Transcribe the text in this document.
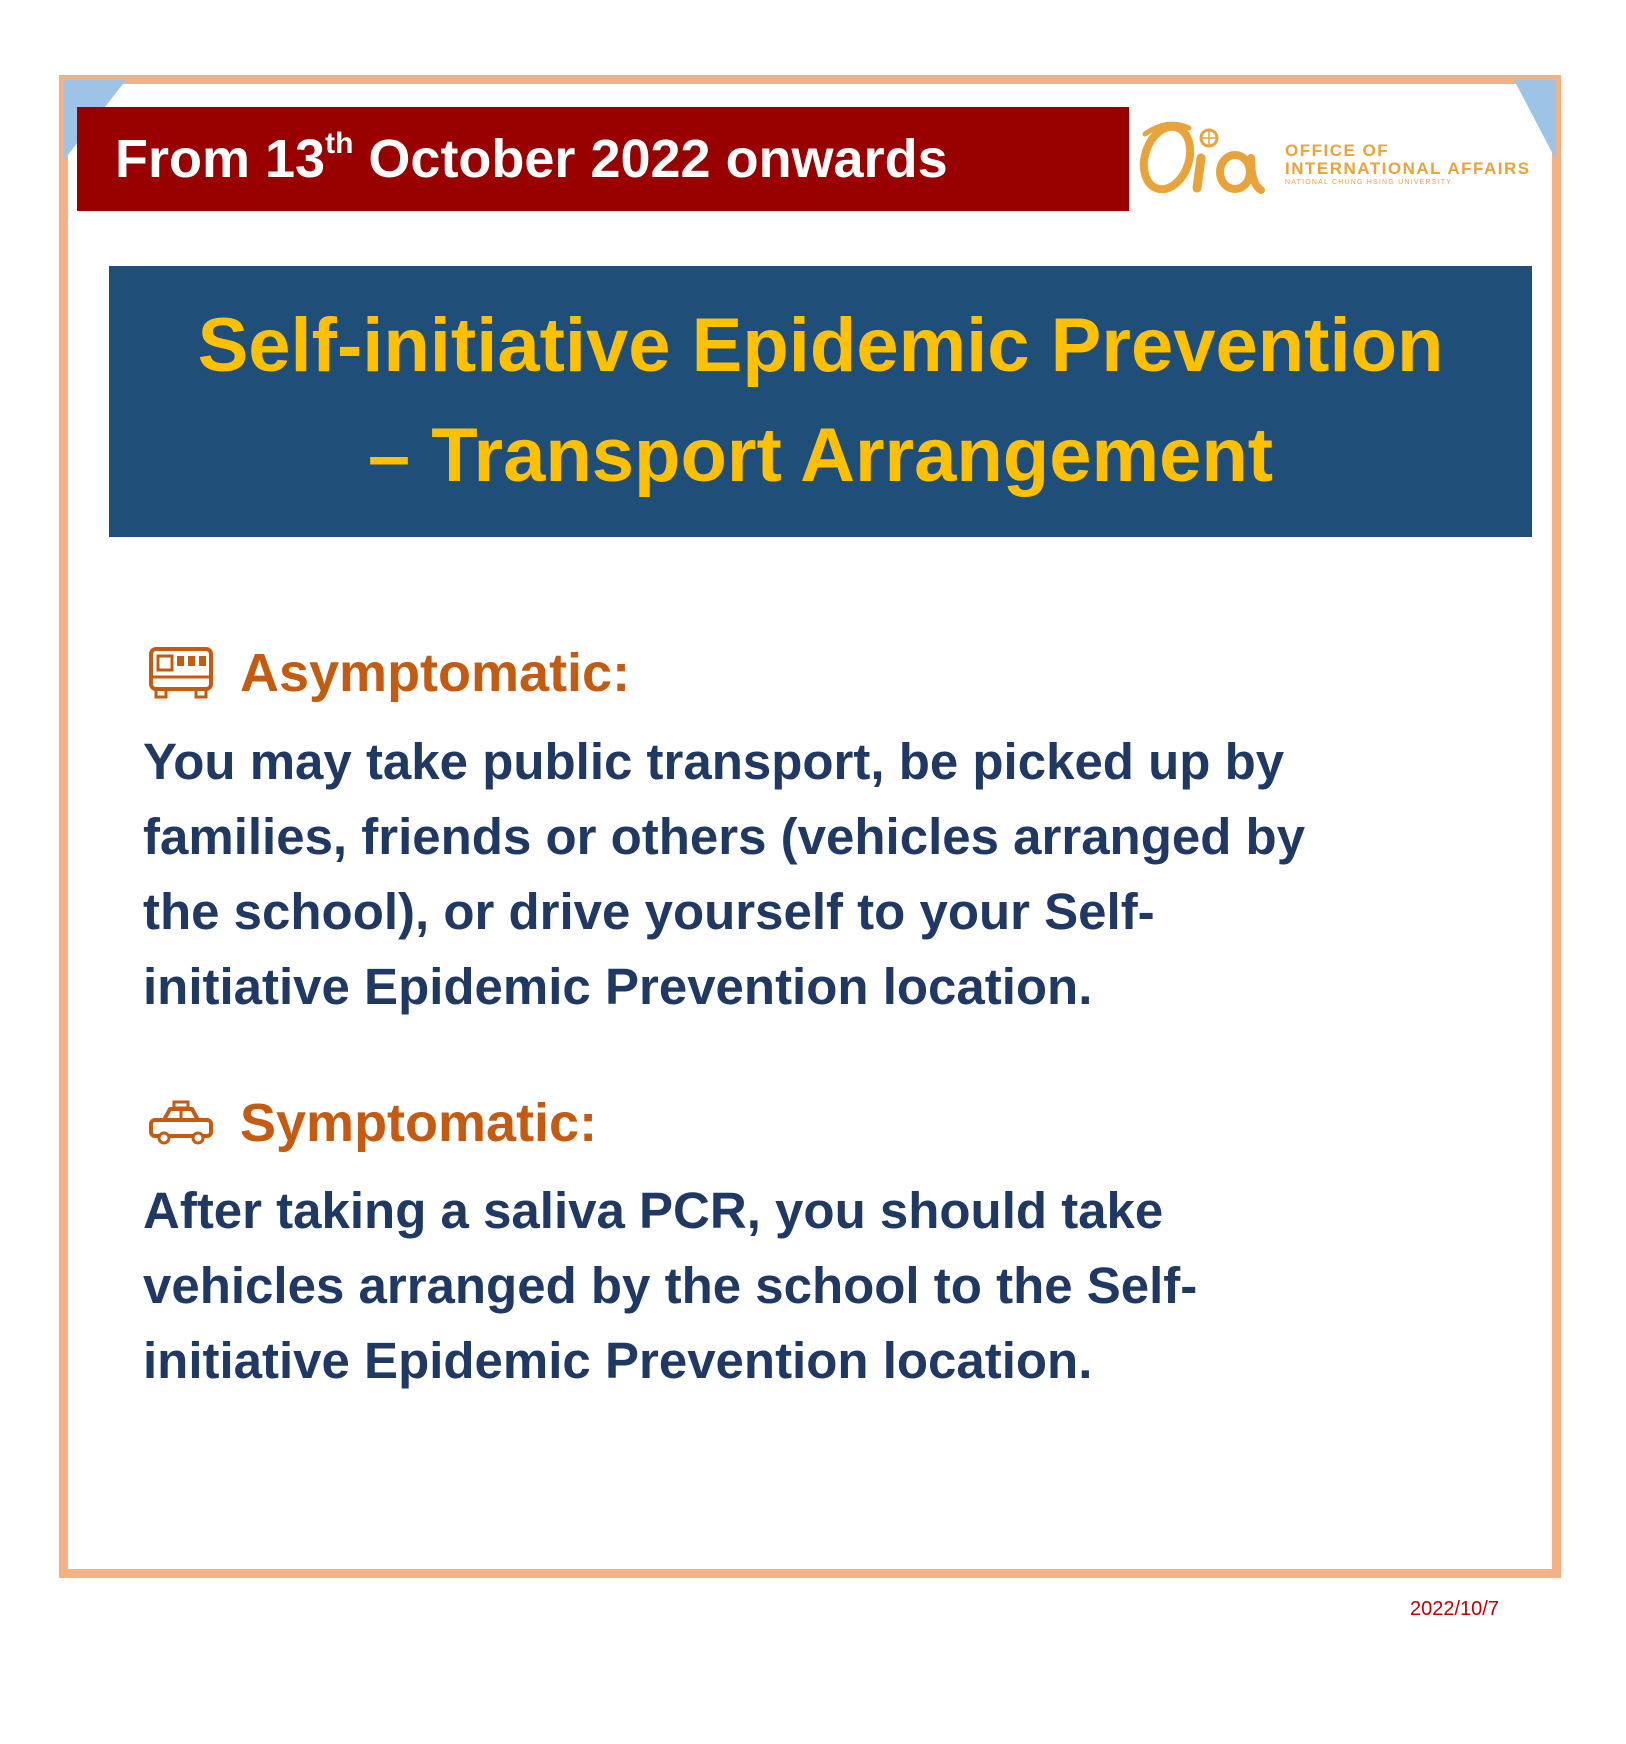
From 13th October 2022 onwards	OFFICE OF
INTERNATIONAL AFFAIRS
NATIONAL CHUNG HSING UNIVERSITY
Self-initiative Epidemic Prevention
– Transport Arrangement
Asymptomatic:
You may take public transport, be picked up by
families, friends or others (vehicles arranged by
the school), or drive yourself to your Self-
initiative Epidemic Prevention location.
Symptomatic:
After taking a saliva PCR, you should take
vehicles arranged by the school to the Self-
initiative Epidemic Prevention location.
2022/10/7
